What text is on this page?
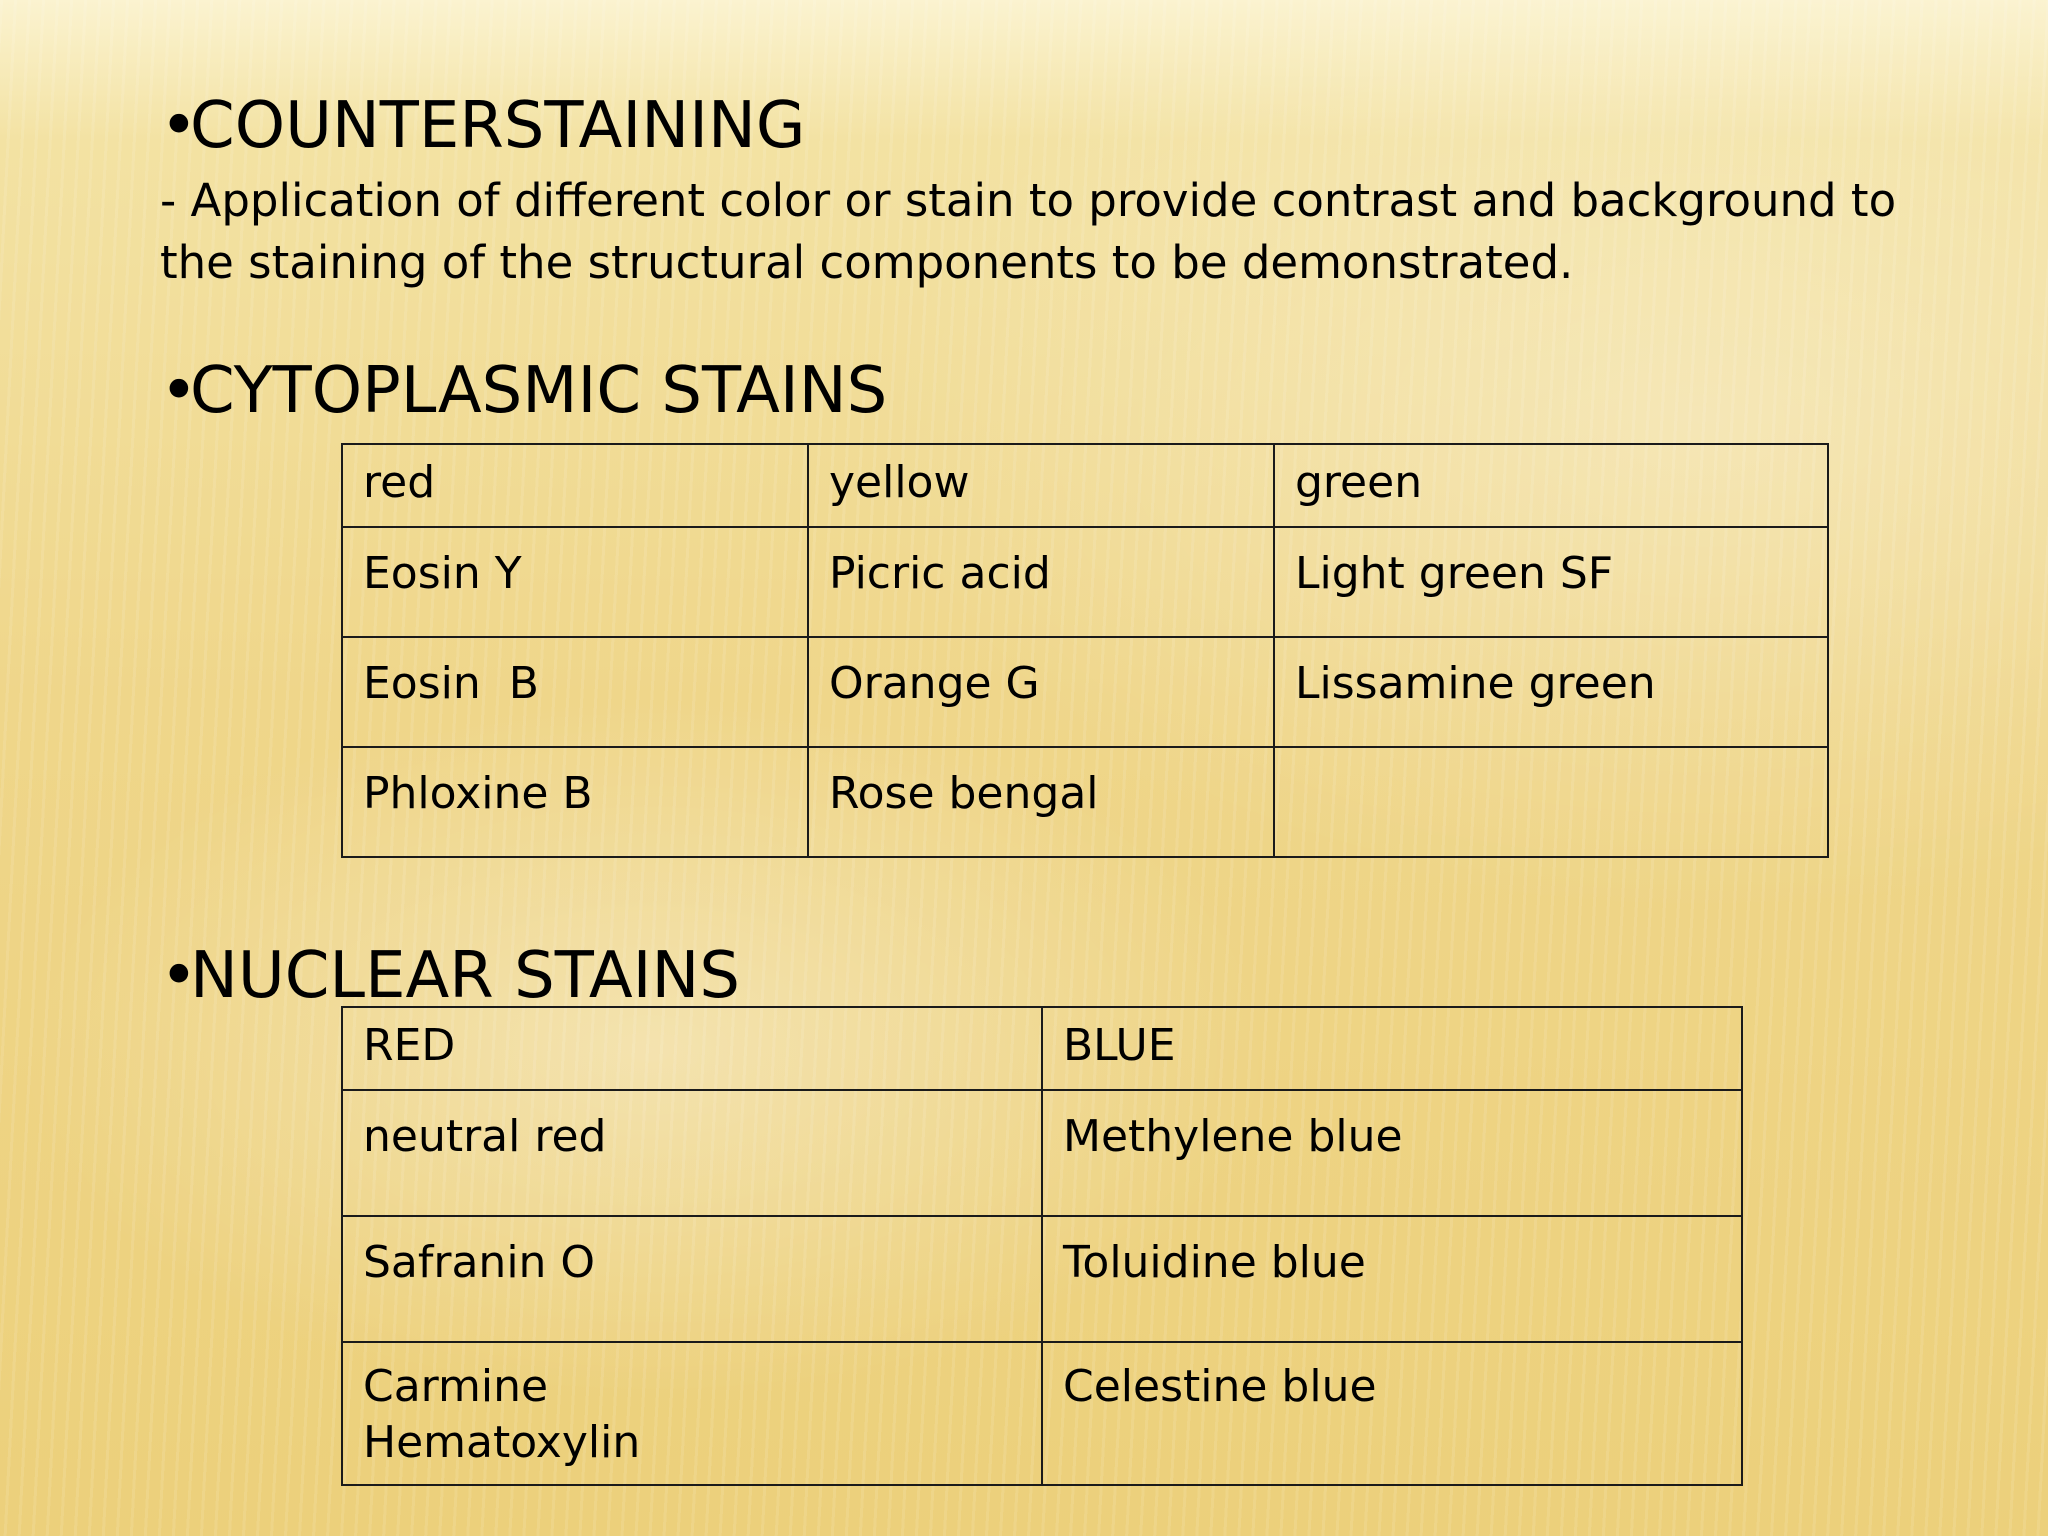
•COUNTERSTAINING

- Application of different color or stain to provide contrast and background to the staining of the structural components to be demonstrated.

•CYTOPLASMIC STAINS
red	yellow	green
Eosin Y	Picric acid	Light green SF
Eosin  B	Orange G	Lissamine green
Phloxine B	Rose bengal	
•NUCLEAR STAINS
RED	BLUE
neutral red	Methylene blue
Safranin O	Toluidine blue

Carmine
Hematoxylin	Celestine blue
